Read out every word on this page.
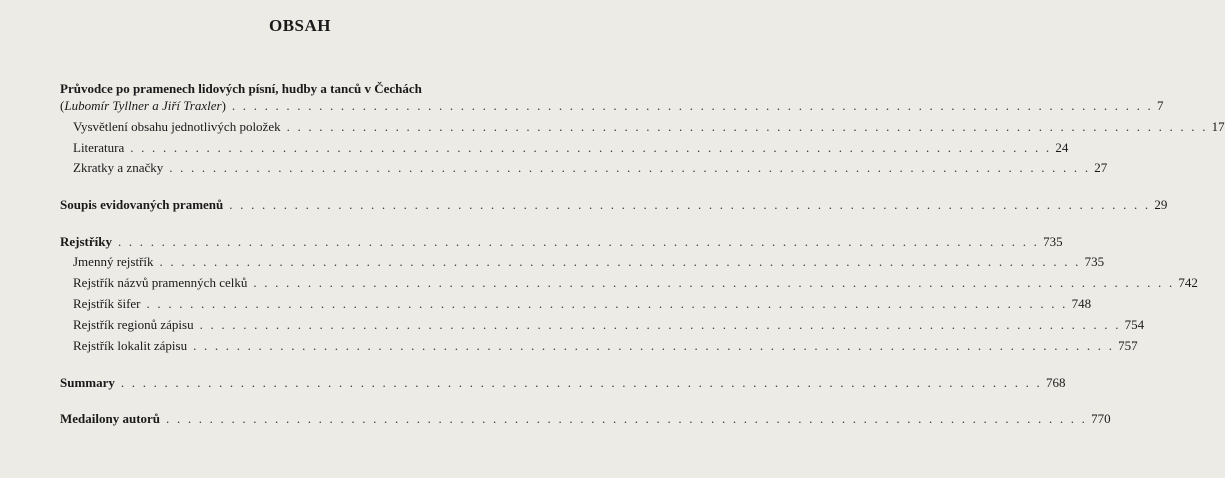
OBSAH
Průvodce po pramenech lidových písní, hudby a tanců v Čechách
(Lubomír Tyllner a Jiří Traxler) . . . . . . . . . . . . . . . . . . . . . . . . . . . . . . . . . . . . . . . . . . . . . . . . . . . . . . . . . . . . . . . . . . . . . . . . . . . . . . . . . . . . . 7
Vysvětlení obsahu jednotlivých položek . . . . . . . . . . . . . . . . . . . . . . . . . . . . . . . . . . . . . . . . . . . . . . . . . . . . . . . . . . . . . . . . . . . . . . . . . . . . . . . . . . . . . 17
Literatura . . . . . . . . . . . . . . . . . . . . . . . . . . . . . . . . . . . . . . . . . . . . . . . . . . . . . . . . . . . . . . . . . . . . . . . . . . . . . . . . . . . . . 24
Zkratky a značky . . . . . . . . . . . . . . . . . . . . . . . . . . . . . . . . . . . . . . . . . . . . . . . . . . . . . . . . . . . . . . . . . . . . . . . . . . . . . . . . . . . . . 27
Soupis evidovaných pramenů . . . . . . . . . . . . . . . . . . . . . . . . . . . . . . . . . . . . . . . . . . . . . . . . . . . . . . . . . . . . . . . . . . . . . . . . . . . . . . . . . . . . . 29
Rejstříky . . . . . . . . . . . . . . . . . . . . . . . . . . . . . . . . . . . . . . . . . . . . . . . . . . . . . . . . . . . . . . . . . . . . . . . . . . . . . . . . . . . . . 735
Jmenný rejstřík . . . . . . . . . . . . . . . . . . . . . . . . . . . . . . . . . . . . . . . . . . . . . . . . . . . . . . . . . . . . . . . . . . . . . . . . . . . . . . . . . . . . . 735
Rejstřík názvů pramenných celků . . . . . . . . . . . . . . . . . . . . . . . . . . . . . . . . . . . . . . . . . . . . . . . . . . . . . . . . . . . . . . . . . . . . . . . . . . . . . . . . . . . . . 742
Rejstřík šifer . . . . . . . . . . . . . . . . . . . . . . . . . . . . . . . . . . . . . . . . . . . . . . . . . . . . . . . . . . . . . . . . . . . . . . . . . . . . . . . . . . . . . 748
Rejstřík regionů zápisu . . . . . . . . . . . . . . . . . . . . . . . . . . . . . . . . . . . . . . . . . . . . . . . . . . . . . . . . . . . . . . . . . . . . . . . . . . . . . . . . . . . . . 754
Rejstřík lokalit zápisu . . . . . . . . . . . . . . . . . . . . . . . . . . . . . . . . . . . . . . . . . . . . . . . . . . . . . . . . . . . . . . . . . . . . . . . . . . . . . . . . . . . . . 757
Summary . . . . . . . . . . . . . . . . . . . . . . . . . . . . . . . . . . . . . . . . . . . . . . . . . . . . . . . . . . . . . . . . . . . . . . . . . . . . . . . . . . . . . 768
Medailony autorů . . . . . . . . . . . . . . . . . . . . . . . . . . . . . . . . . . . . . . . . . . . . . . . . . . . . . . . . . . . . . . . . . . . . . . . . . . . . . . . . . . . . . 770
